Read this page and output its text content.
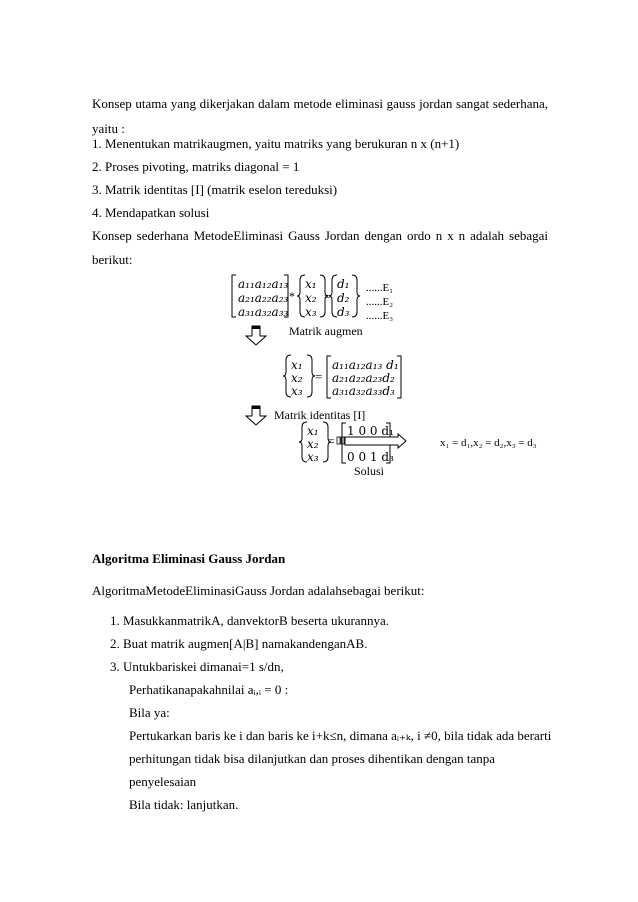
Konsep utama yang dikerjakan dalam metode eliminasi gauss jordan sangat sederhana,
yaitu :
1. Menentukan matrikaugmen, yaitu matriks yang berukuran n x (n+1)
2. Proses pivoting, matriks diagonal = 1
3. Matrik identitas [I] (matrik eselon tereduksi)
4. Mendapatkan solusi
Konsep sederhana MetodeEliminasi Gauss Jordan dengan ordo n x n adalah sebagai
berikut:
a₁₁a₁₂a₁₃
a₂₁a₂₂a₂₃
a₃₁a₃₂a₃₃
*
x₁
x₂
x₃
=
d₁
d₂
d₃
......E₁
......E₂
......E₃
Matrik augmen
x₁
x₂
x₃
=
a₁₁a₁₂a₁₃ d₁
a₂₁a₂₂a₂₃d₂
a₃₁a₃₂a₃₃d₃
Matrik identitas [I]
x₁
x₂
x₃
=
1 0 0 d₁
0 0 1 d₃
x₁ = d₁,x₂ = d₂,x₃ = d₃
Solusi
Algoritma Eliminasi Gauss Jordan
AlgoritmaMetodeEliminasiGauss Jordan adalahsebagai berikut:
1. MasukkanmatrikA, danvektorB beserta ukurannya.
2. Buat matrik augmen[A|B] namakandenganAB.
3. Untukbariskei dimanai=1 s/dn,
Perhatikanapakahnilai aᵢ,ᵢ = 0 :
Bila ya:
Pertukarkan baris ke i dan baris ke i+k≤n, dimana aᵢ₊ₖ, i ≠0, bila tidak ada berarti
perhitungan tidak bisa dilanjutkan dan proses dihentikan dengan tanpa
penyelesaian
Bila tidak: lanjutkan.
